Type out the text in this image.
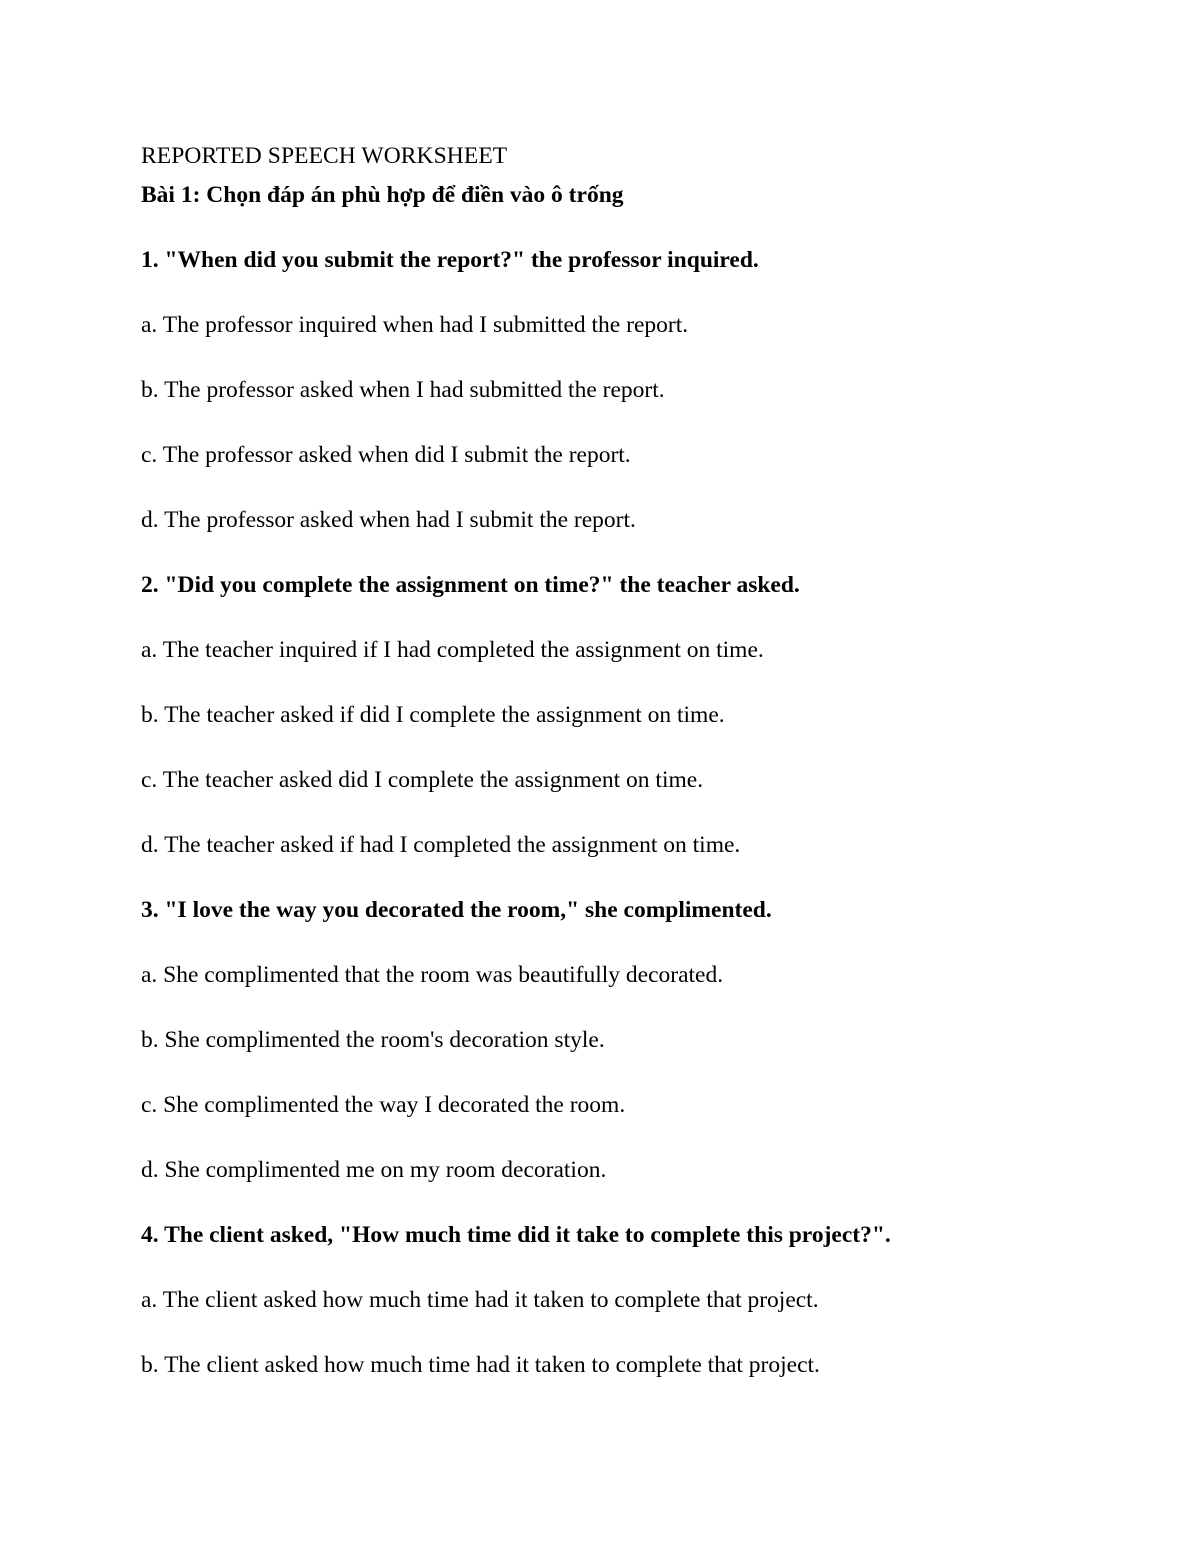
REPORTED SPEECH WORKSHEET
Bài 1: Chọn đáp án phù hợp để điền vào ô trống

1. "When did you submit the report?" the professor inquired.

a. The professor inquired when had I submitted the report.

b. The professor asked when I had submitted the report.

c. The professor asked when did I submit the report.

d. The professor asked when had I submit the report.

2. "Did you complete the assignment on time?" the teacher asked.

a. The teacher inquired if I had completed the assignment on time.

b. The teacher asked if did I complete the assignment on time.

c. The teacher asked did I complete the assignment on time.

d. The teacher asked if had I completed the assignment on time.

3. "I love the way you decorated the room," she complimented.

a. She complimented that the room was beautifully decorated.

b. She complimented the room's decoration style.

c. She complimented the way I decorated the room.

d. She complimented me on my room decoration.

4. The client asked, "How much time did it take to complete this project?".

a. The client asked how much time had it taken to complete that project.

b. The client asked how much time had it taken to complete that project.
